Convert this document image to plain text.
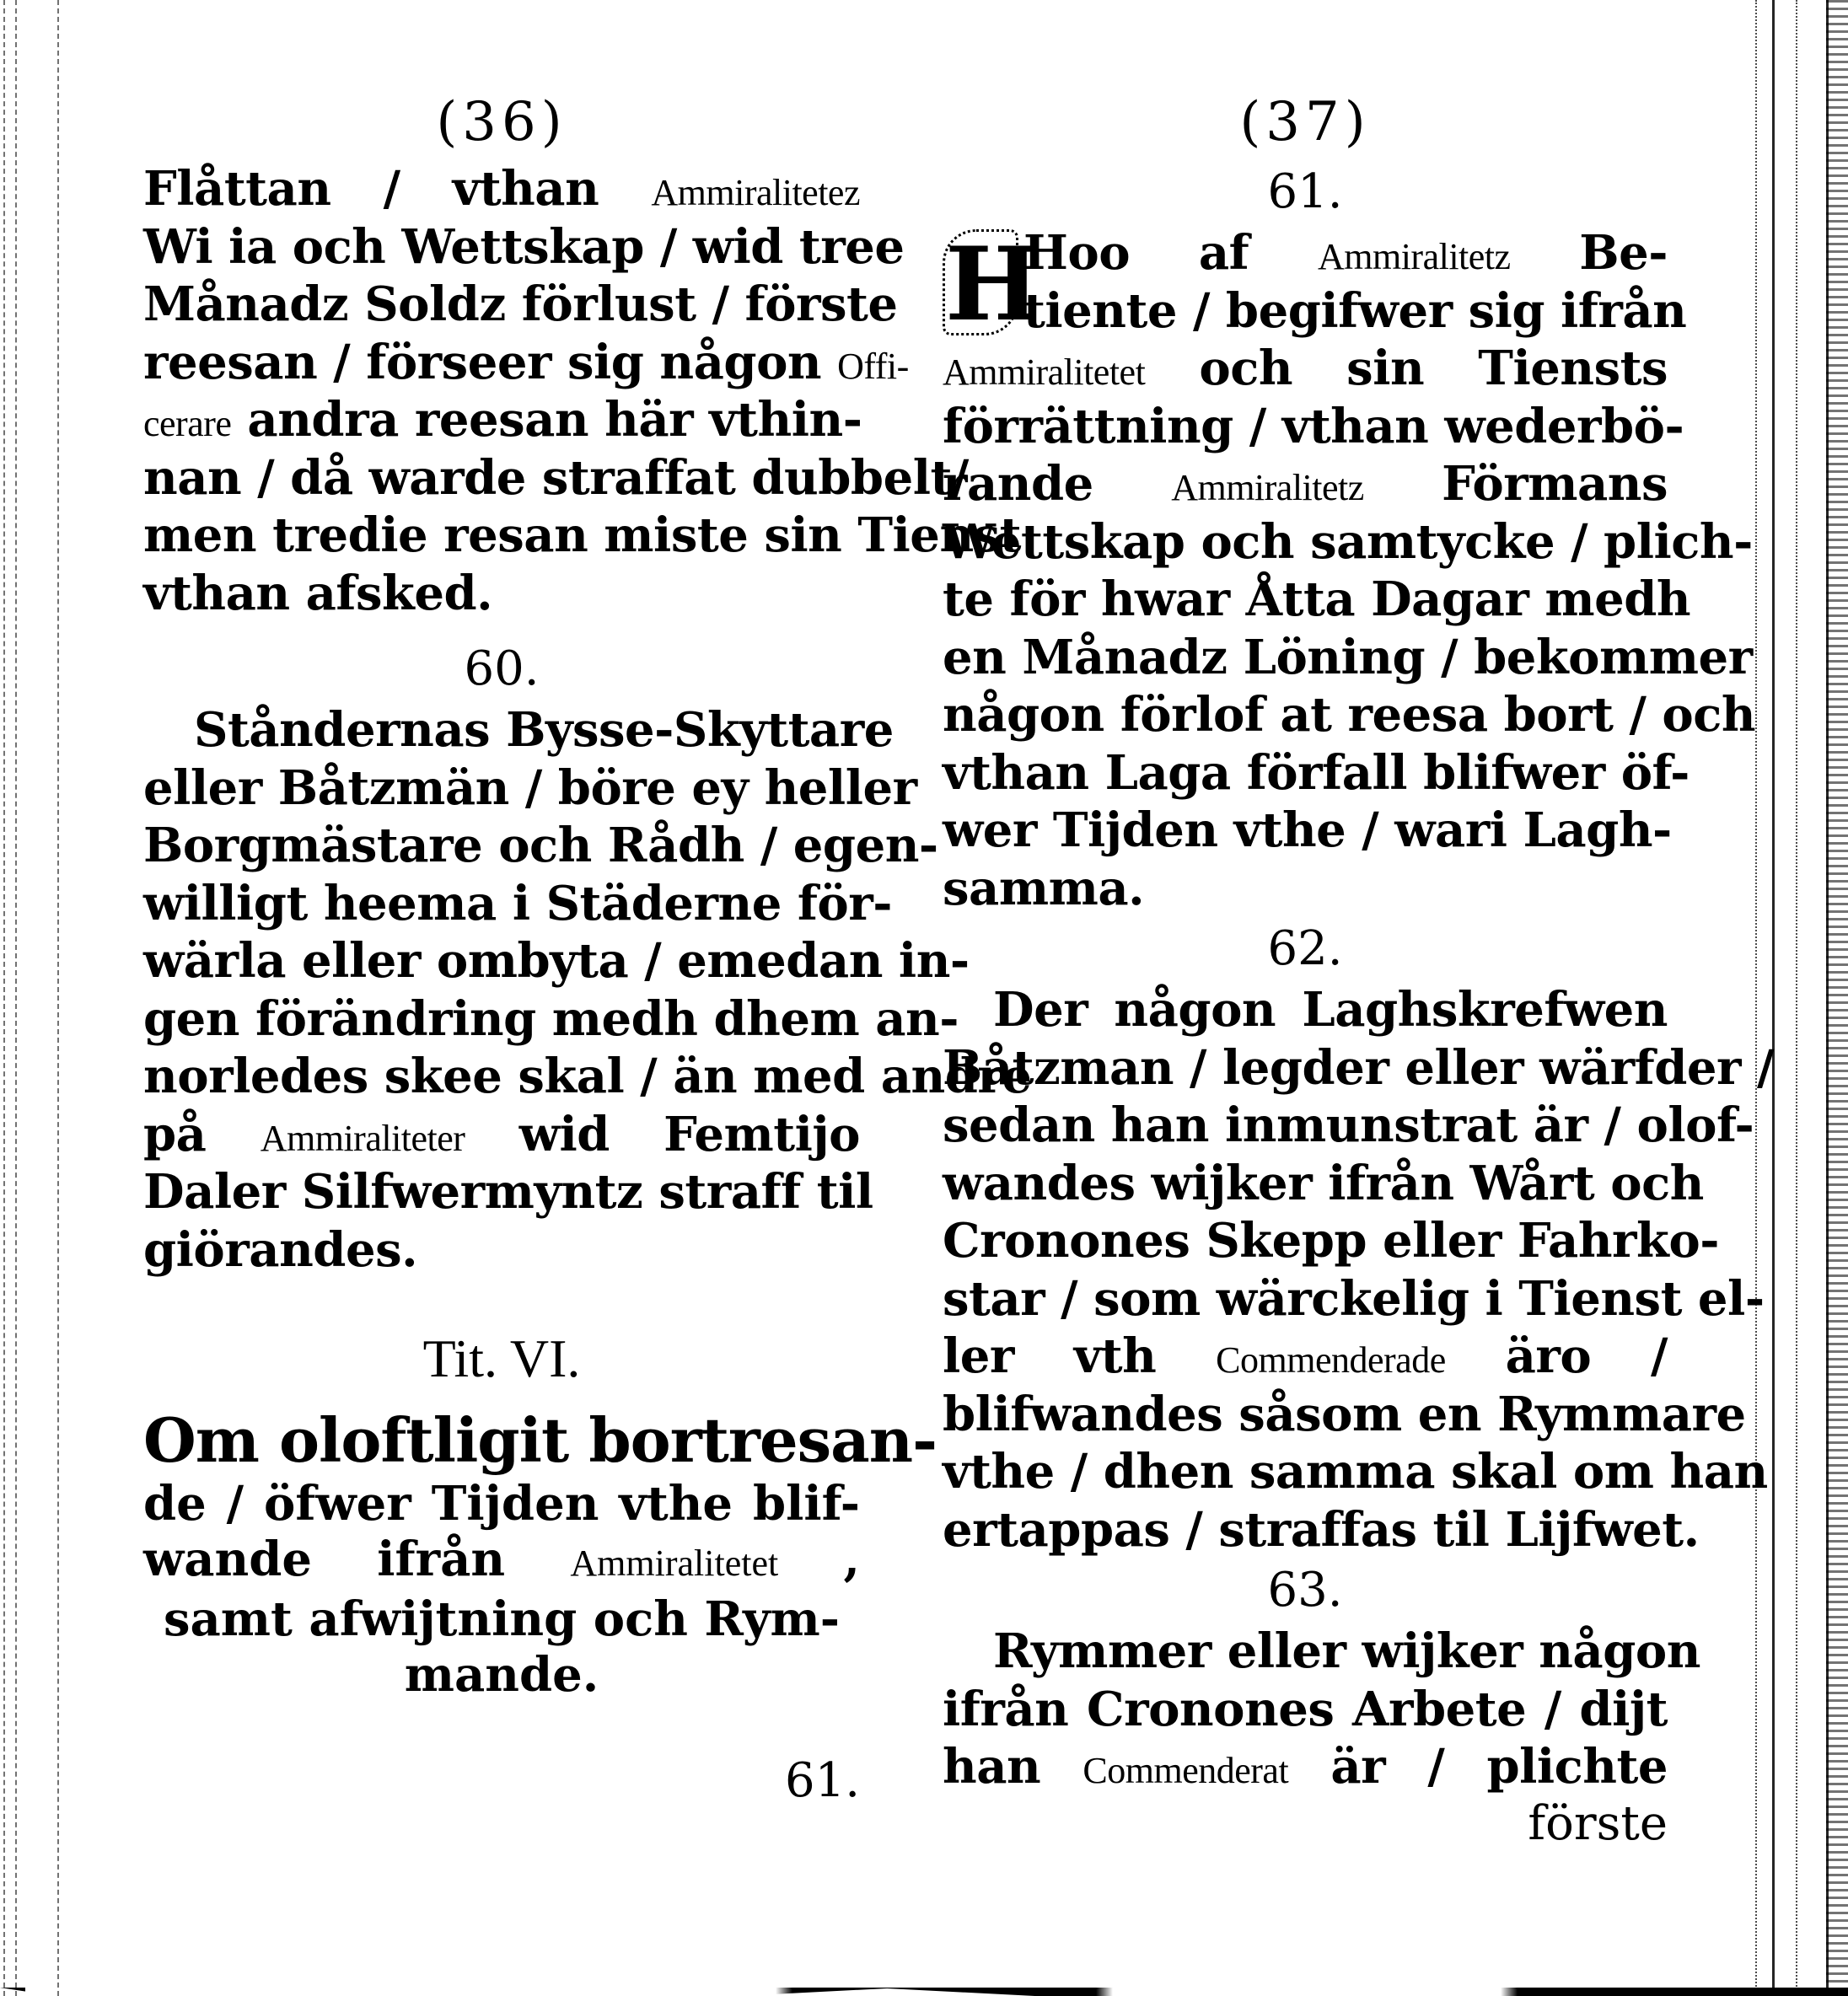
(36)
Flåttan / vthan Ammiralitetez
Wi ia och Wettskap / wid tree
Månadz Soldz förlust / förste
reesan / förseer sig någon Offi-
cerare andra reesan här vthin-
nan / då warde straffat dubbelt/
men tredie resan miste sin Tienst
vthan afsked.
60.
Ståndernas Bysse-Skyttare
eller Båtzmän / böre ey heller
Borgmästare och Rådh / egen-
willigt heema i Städerne för-
wärla eller ombyta / emedan in-
gen förändring medh dhem an-
norledes skee skal / än med andre
på Ammiraliteter wid Femtijo
Daler Silfwermyntz straff til
giörandes.
Tit. VI.
Om oloftligit bortresan-
de / öfwer Tijden vthe blif-
wande ifrån Ammiralitetet ,
samt afwijtning och Rym-
mande.
61.
(37)
61.
H
Hoo af Ammiralitetz Be-
tiente / begifwer sig ifrån
Ammiralitetet och sin Tiensts
förrättning / vthan wederbö-
rande Ammiralitetz Förmans
Wettskap och samtycke / plich-
te för hwar Åtta Dagar medh
en Månadz Löning / bekommer
någon förlof at reesa bort / och
vthan Laga förfall blifwer öf-
wer Tijden vthe / wari Lagh-
samma.
62.
Der någon Laghskrefwen
Båtzman / legder eller wärfder /
sedan han inmunstrat är / olof-
wandes wijker ifrån Wårt och
Cronones Skepp eller Fahrko-
star / som wärckelig i Tienst el-
ler vth Commenderade äro /
blifwandes såsom en Rymmare
vthe / dhen samma skal om han
ertappas / straffas til Lijfwet.
63.
Rymmer eller wijker någon
ifrån Cronones Arbete / dijt
han Commenderat är / plichte
förste
